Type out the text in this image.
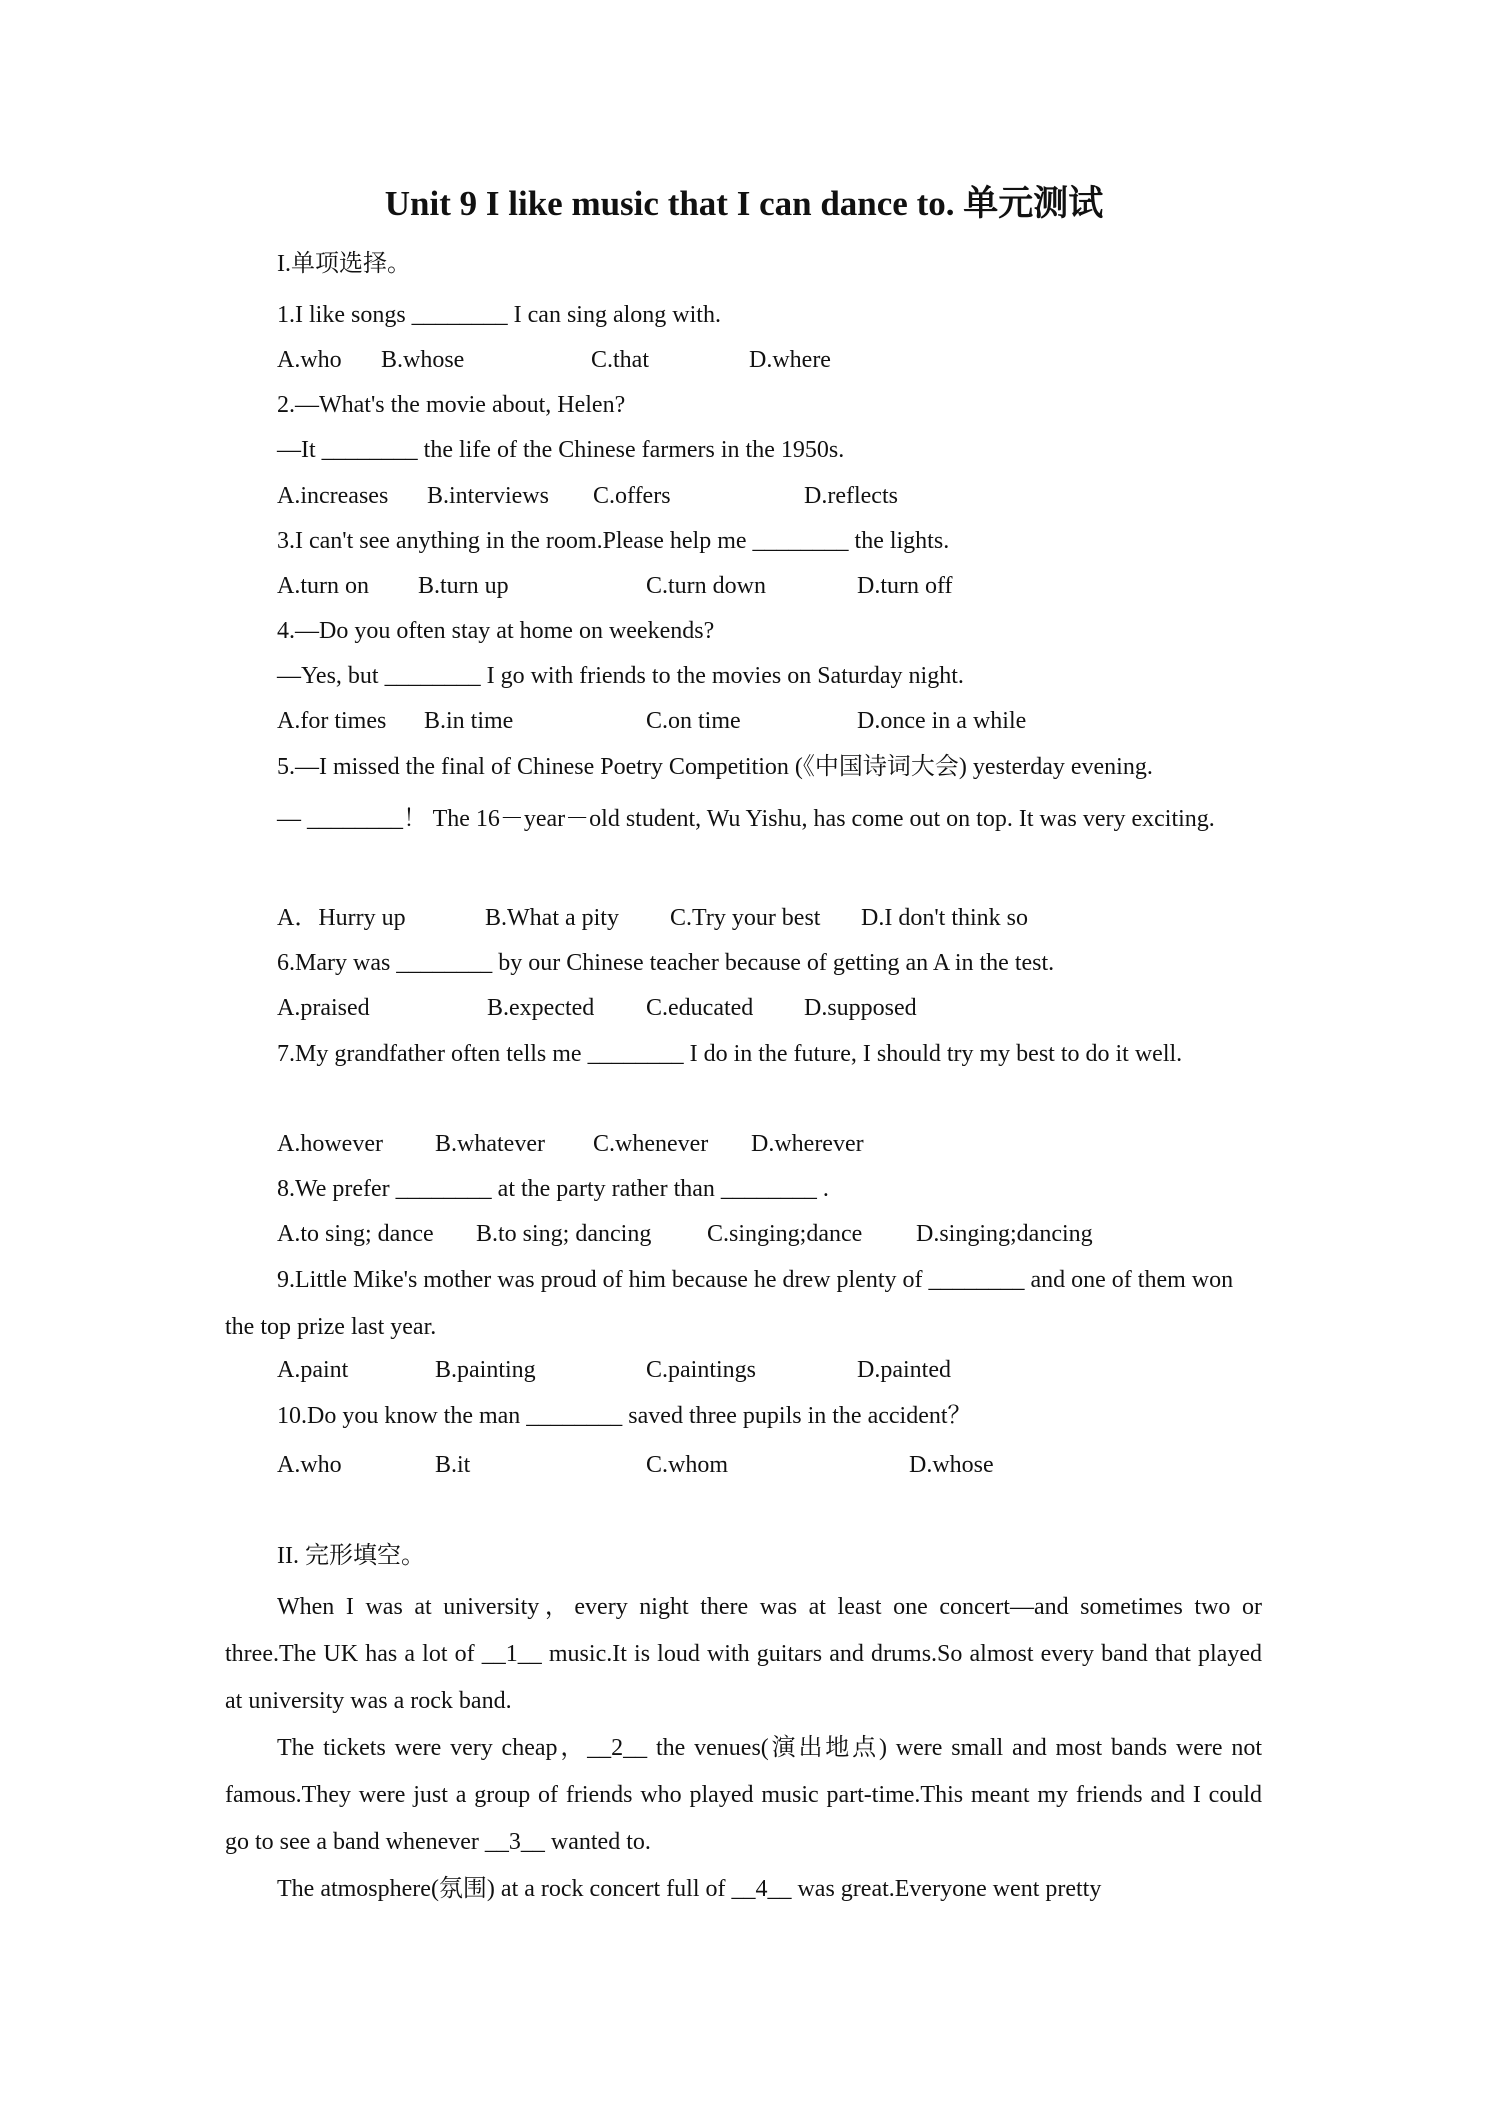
Unit 9 I like music that I can dance to. 单元测试
I.单项选择。
1.I like songs ________ I can sing along with.
A.who B.whose	C.that	D.where
2.—What's the movie about, Helen?
—It ________ the life of the Chinese farmers in the 1950s.
A.increases B.interviews C.offers	D.reflects
3.I can't see anything in the room.Please help me ________ the lights.
A.turn on B.turn up	C.turn down	D.turn off
4.—Do you often stay at home on weekends?
—Yes, but ________ I go with friends to the movies on Saturday night.
A.for times B.in time	C.on time	D.once in a while
5.—I missed the final of Chinese Poetry Competition (《中国诗词大会) yesterday evening.
— ________！ The 16－year－old student, Wu Yishu, has come out on top. It was very exciting.
A．Hurry up	B.What a pity C.Try your best D.I don't think so
6.Mary was ________ by our Chinese teacher because of getting an A in the test.
A.praised	B.expected C.educated D.supposed
7.My grandfather often tells me ________ I do in the future, I should try my best to do it well.
A.however B.whatever C.whenever D.wherever
8.We prefer ________ at the party rather than ________ .
A.to sing; dance B.to sing; dancing C.singing;dance D.singing;dancing
9.Little Mike's mother was proud of him because he drew plenty of ________ and one of them won the top prize last year.
A.paint	B.painting	C.paintings	D.painted
10.Do you know the man ________ saved three pupils in the accident？
A.who	B.it	C.whom	D.whose
II. 完形填空。
When I was at university，every night there was at least one concert—and sometimes two or three.The UK has a lot of __1__ music.It is loud with guitars and drums.So almost every band that played at university was a rock band.
The tickets were very cheap，__2__ the venues(演出地点) were small and most bands were not famous.They were just a group of friends who played music part-time.This meant my friends and I could go to see a band whenever __3__ wanted to.
The atmosphere(氛围) at a rock concert full of __4__ was great.Everyone went pretty
